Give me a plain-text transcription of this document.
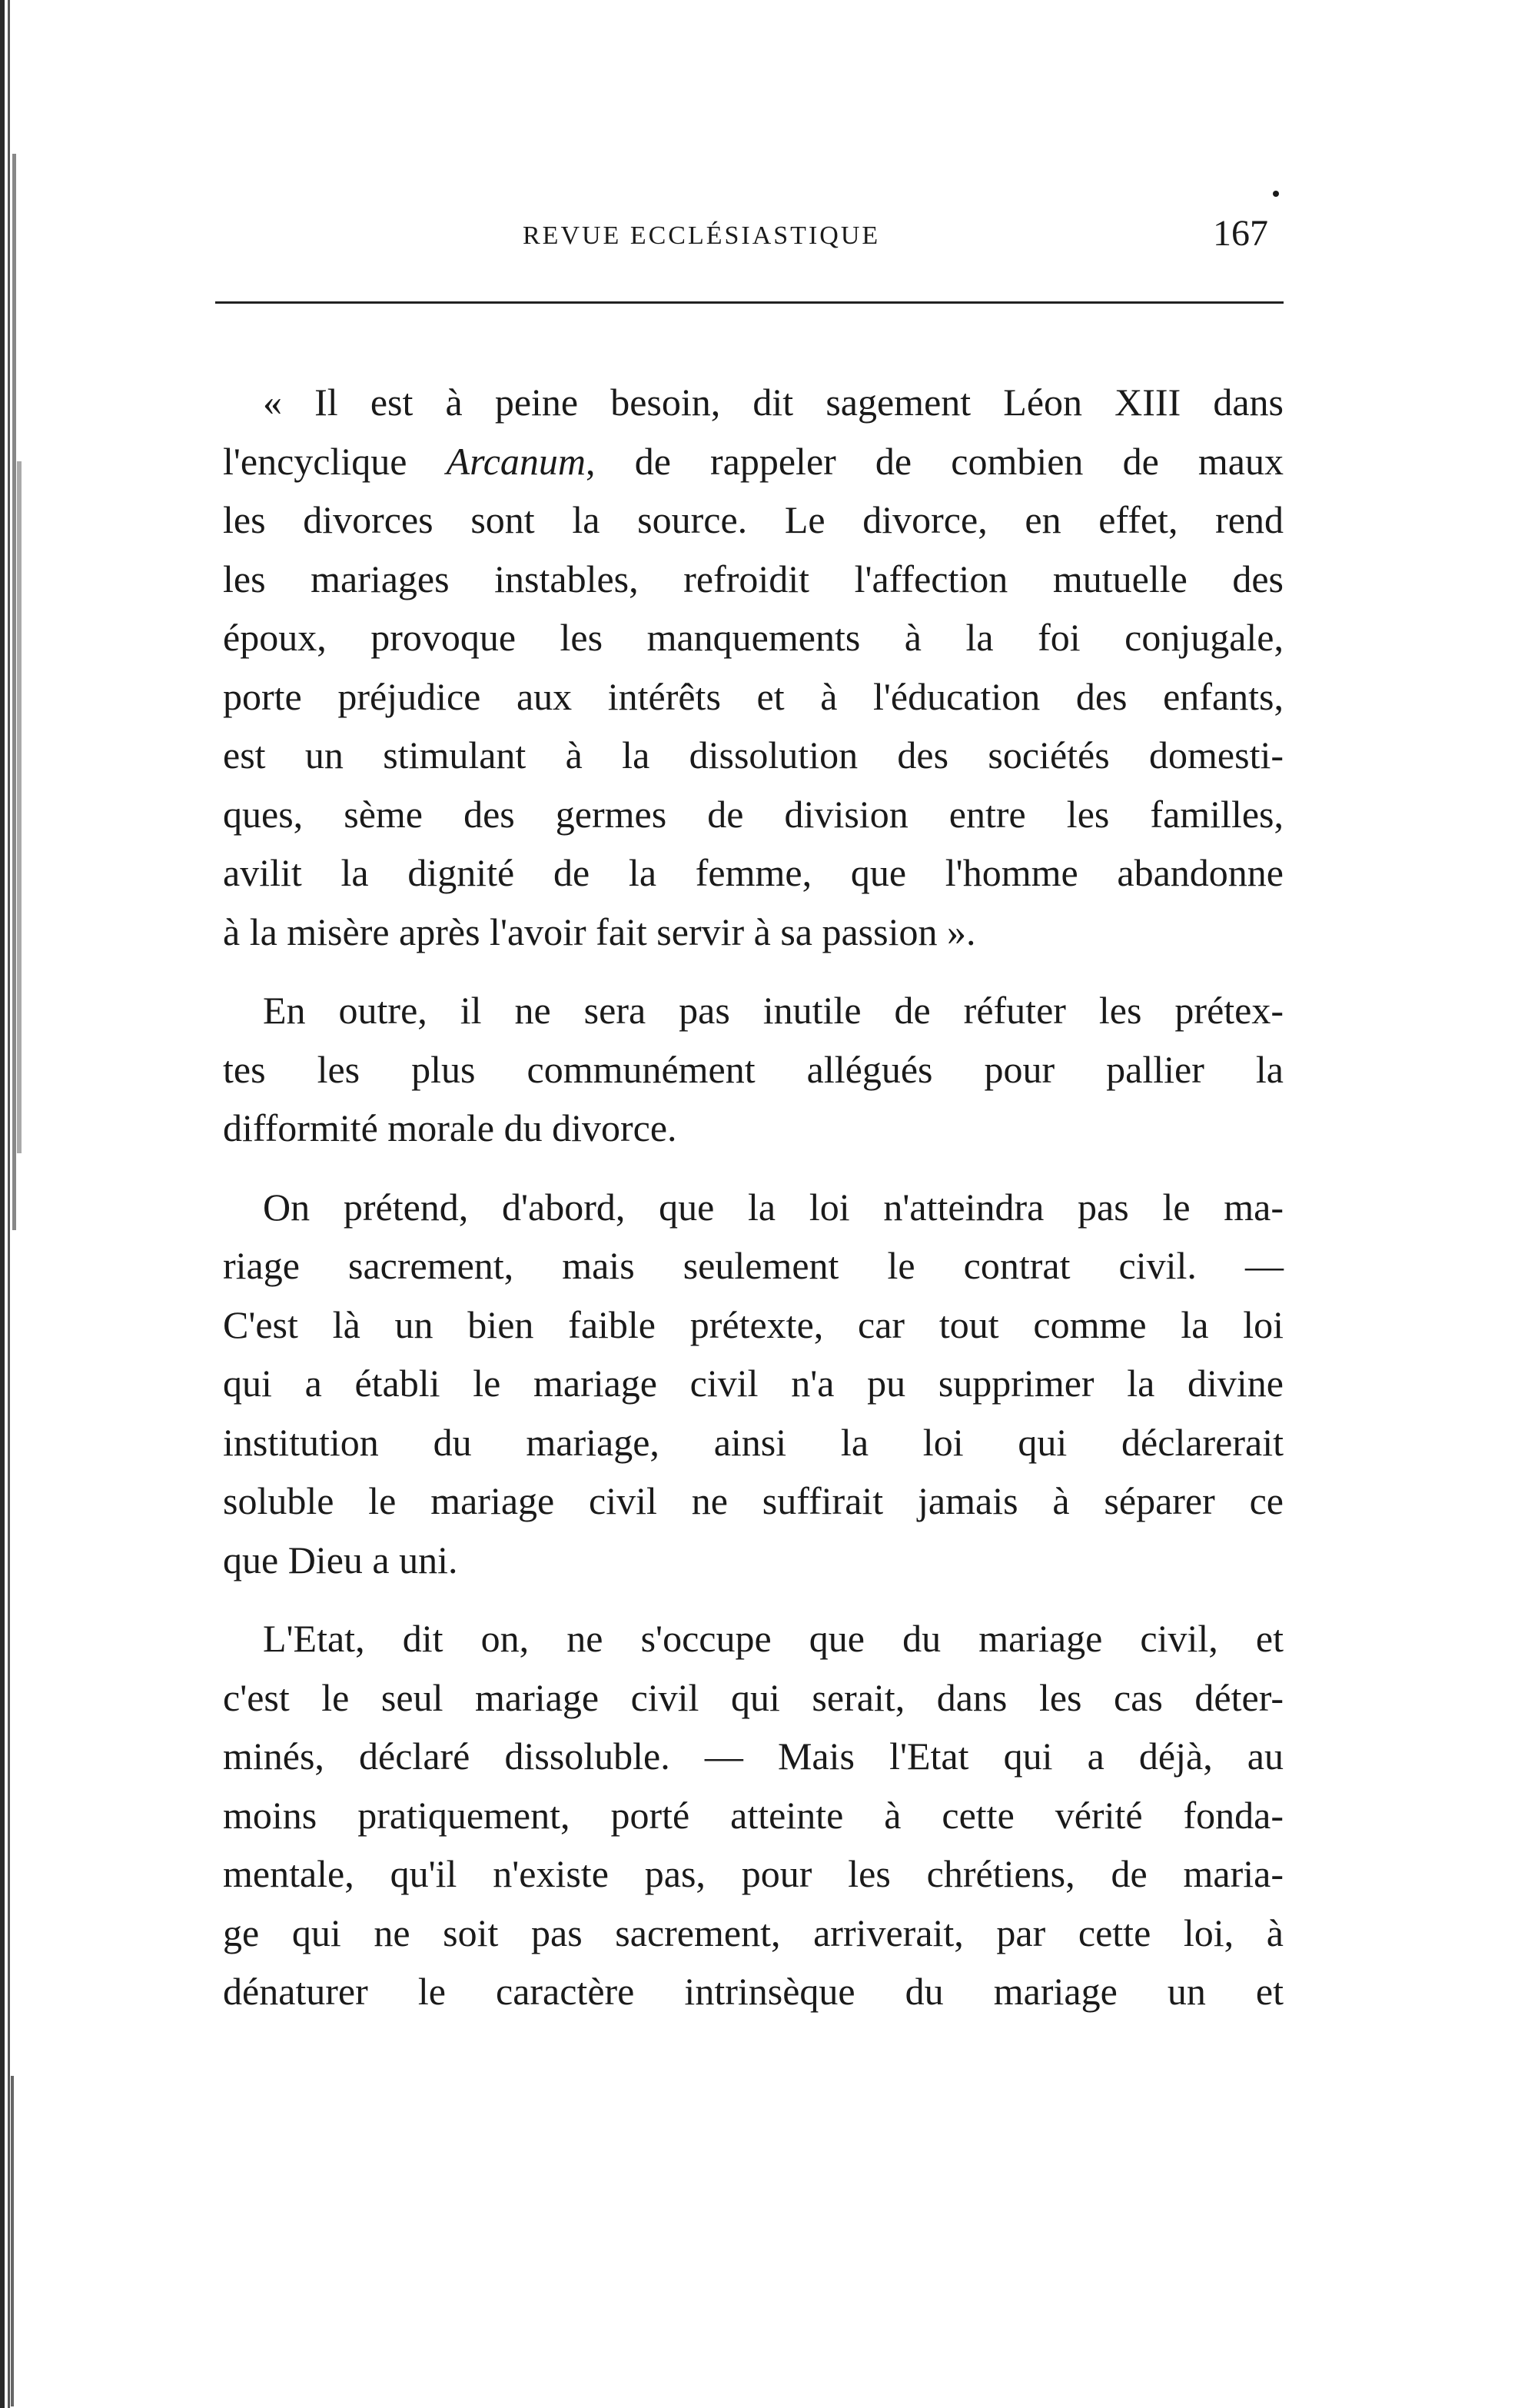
REVUE ECCLÉSIASTIQUE	167

« Il est à peine besoin, dit sagement Léon XIII dans
l'encyclique Arcanum, de rappeler de combien de maux
les divorces sont la source. Le divorce, en effet, rend
les mariages instables, refroidit l'affection mutuelle des
époux, provoque les manquements à la foi conjugale,
porte préjudice aux intérêts et à l'éducation des enfants,
est un stimulant à la dissolution des sociétés domesti-
ques, sème des germes de division entre les familles,
avilit la dignité de la femme, que l'homme abandonne
à la misère après l'avoir fait servir à sa passion ».

En outre, il ne sera pas inutile de réfuter les prétex-
tes les plus communément allégués pour pallier la
difformité morale du divorce.

On prétend, d'abord, que la loi n'atteindra pas le ma-
riage sacrement, mais seulement le contrat civil. —
C'est là un bien faible prétexte, car tout comme la loi
qui a établi le mariage civil n'a pu supprimer la divine
institution du mariage, ainsi la loi qui déclarerait
soluble le mariage civil ne suffirait jamais à séparer ce
que Dieu a uni.

L'Etat, dit on, ne s'occupe que du mariage civil, et
c'est le seul mariage civil qui serait, dans les cas déter-
minés, déclaré dissoluble. — Mais l'Etat qui a déjà, au
moins pratiquement, porté atteinte à cette vérité fonda-
mentale, qu'il n'existe pas, pour les chrétiens, de maria-
ge qui ne soit pas sacrement, arriverait, par cette loi, à
dénaturer le caractère intrinsèque du mariage un et
